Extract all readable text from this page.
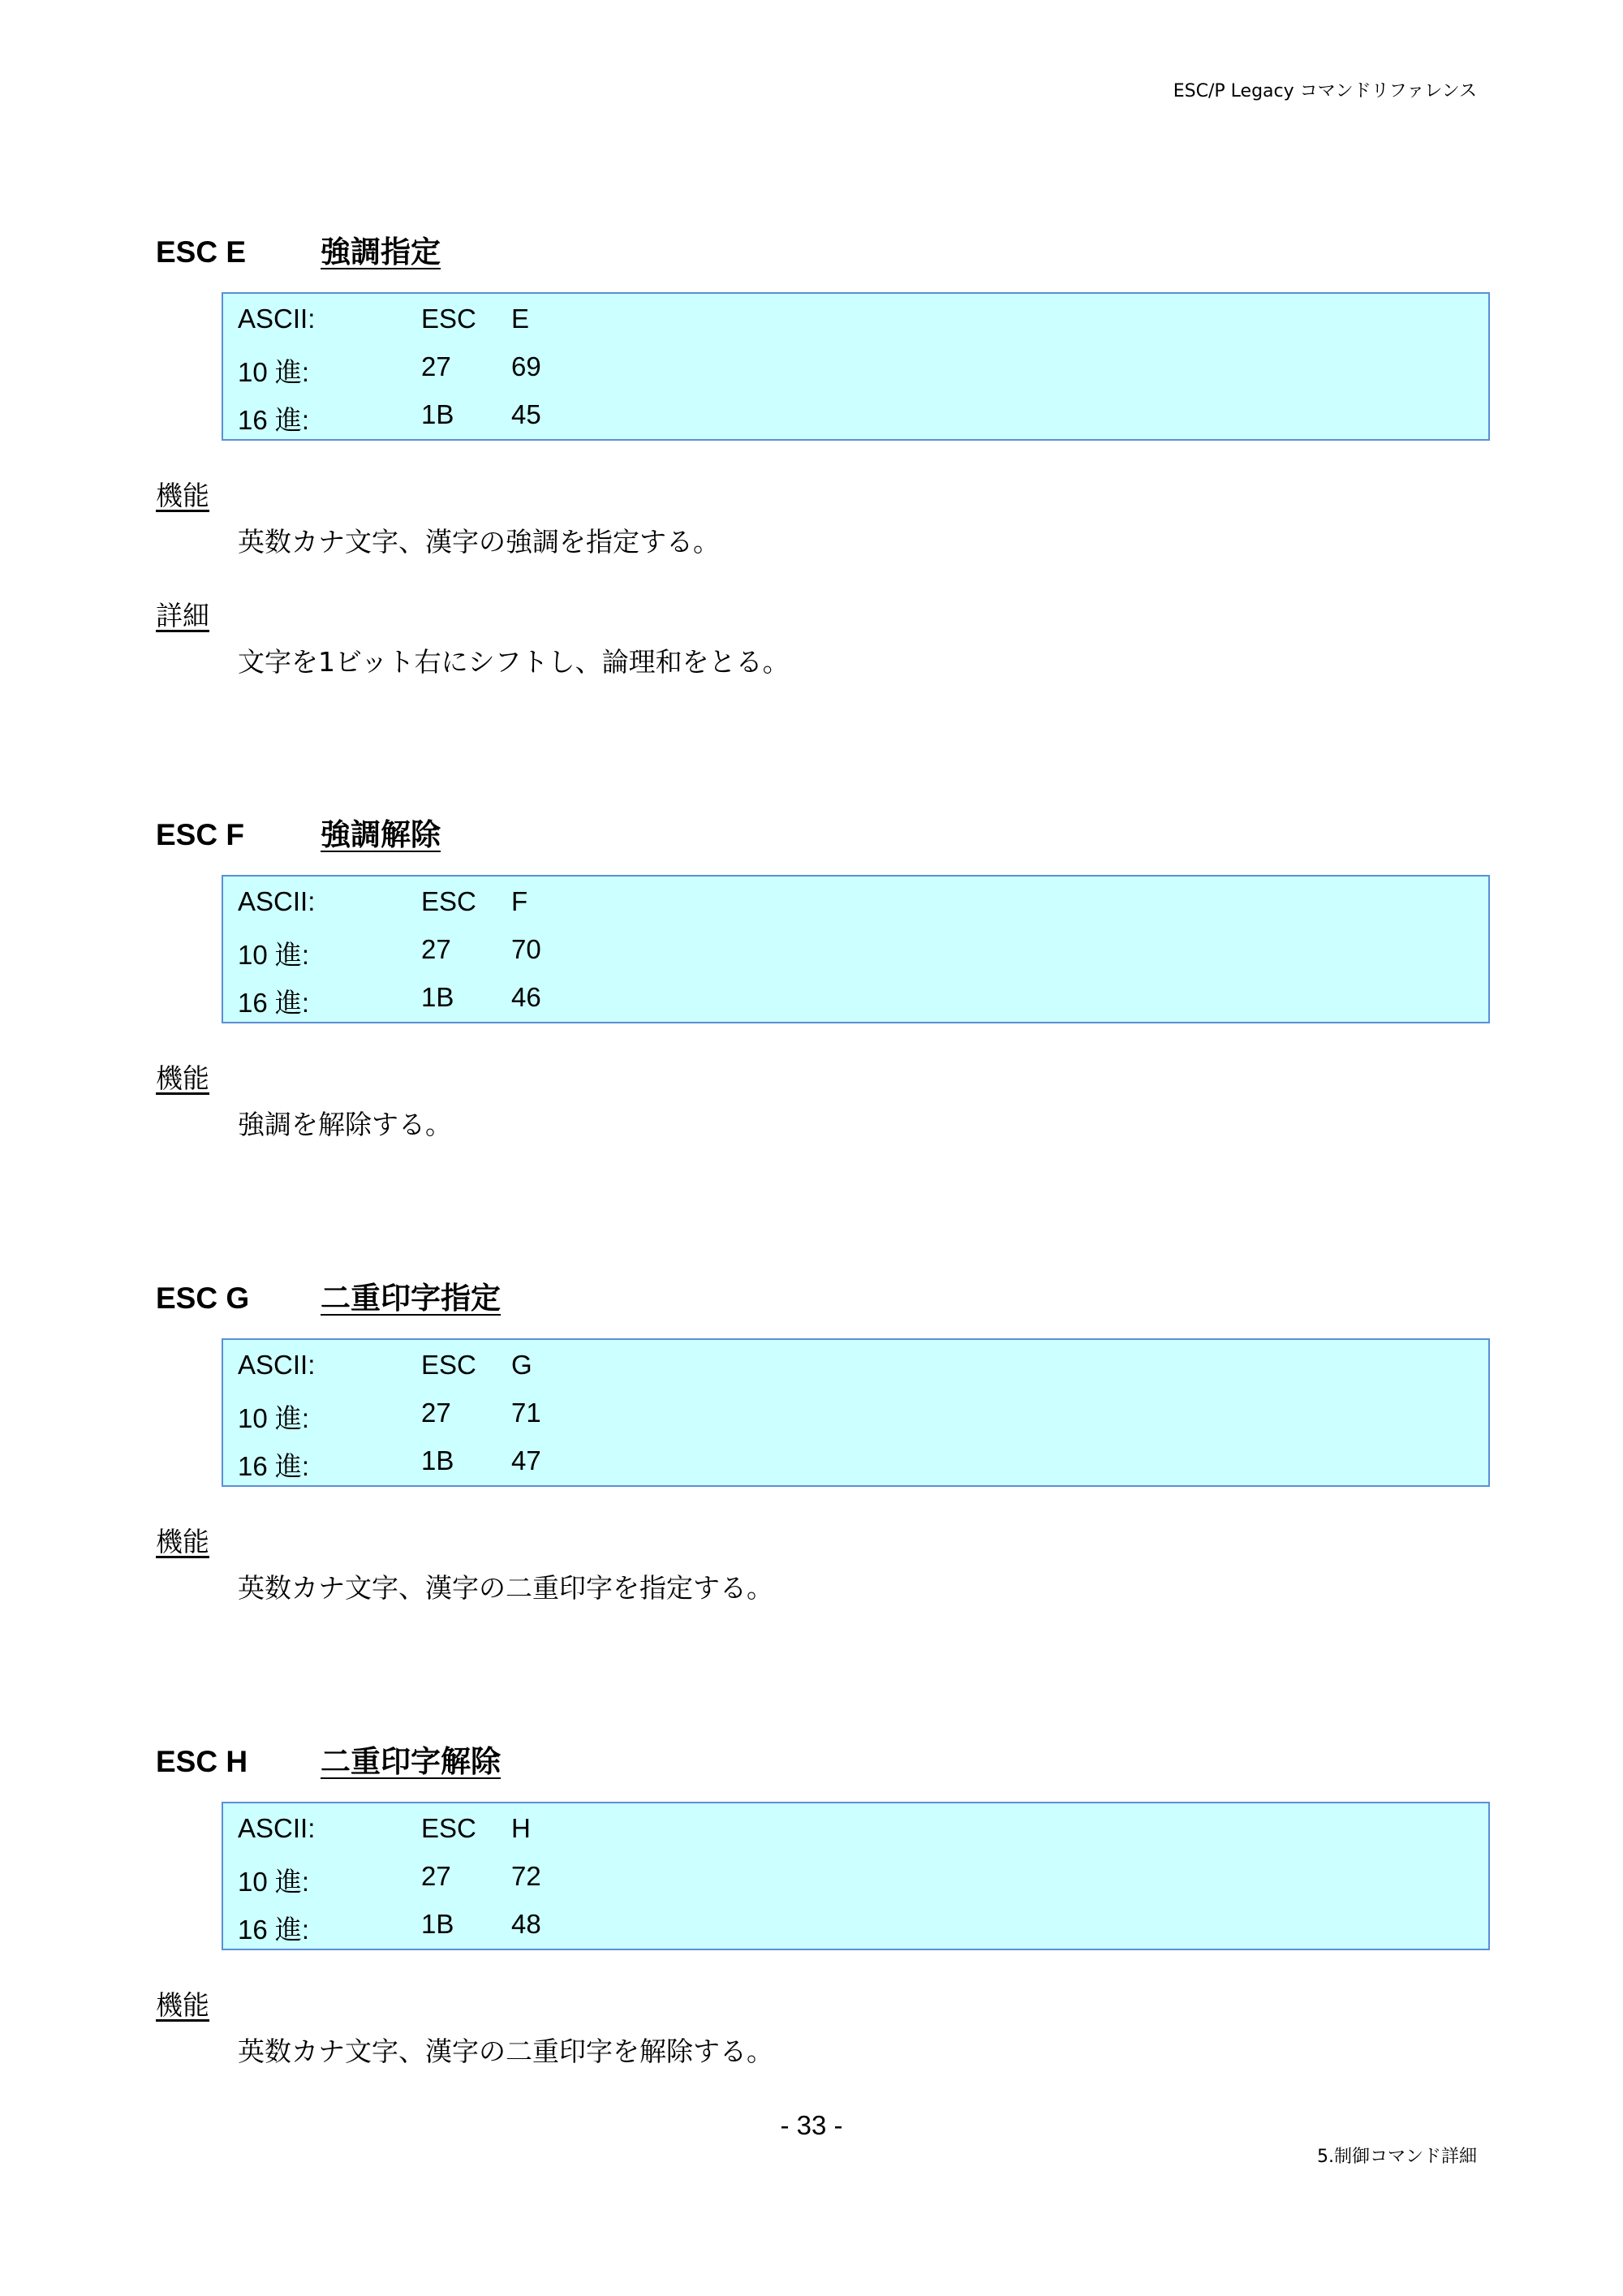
ESC/P Legacy コマンドリファレンス
ESC E 強調指定
ASCII:	ESC E
10 進:	27 69
16 進:	1B 45
機能
英数カナ文字、漢字の強調を指定する。
詳細
文字を1ビット右にシフトし、論理和をとる。
ESC F	強調解除
ASCII:	ESC F
10 進:	27 70
16 進:	1B 46
機能
強調を解除する。
ESC G 二重印字指定
ASCII:	ESC G
10 進:	27 71
16 進:	1B 47
機能
英数カナ文字、漢字の二重印字を指定する。
ESC H 二重印字解除
ASCII:	ESC H
10 進:	27 72
16 進:	1B 48
機能
英数カナ文字、漢字の二重印字を解除する。
- 33 -
5.制御コマンド詳細
